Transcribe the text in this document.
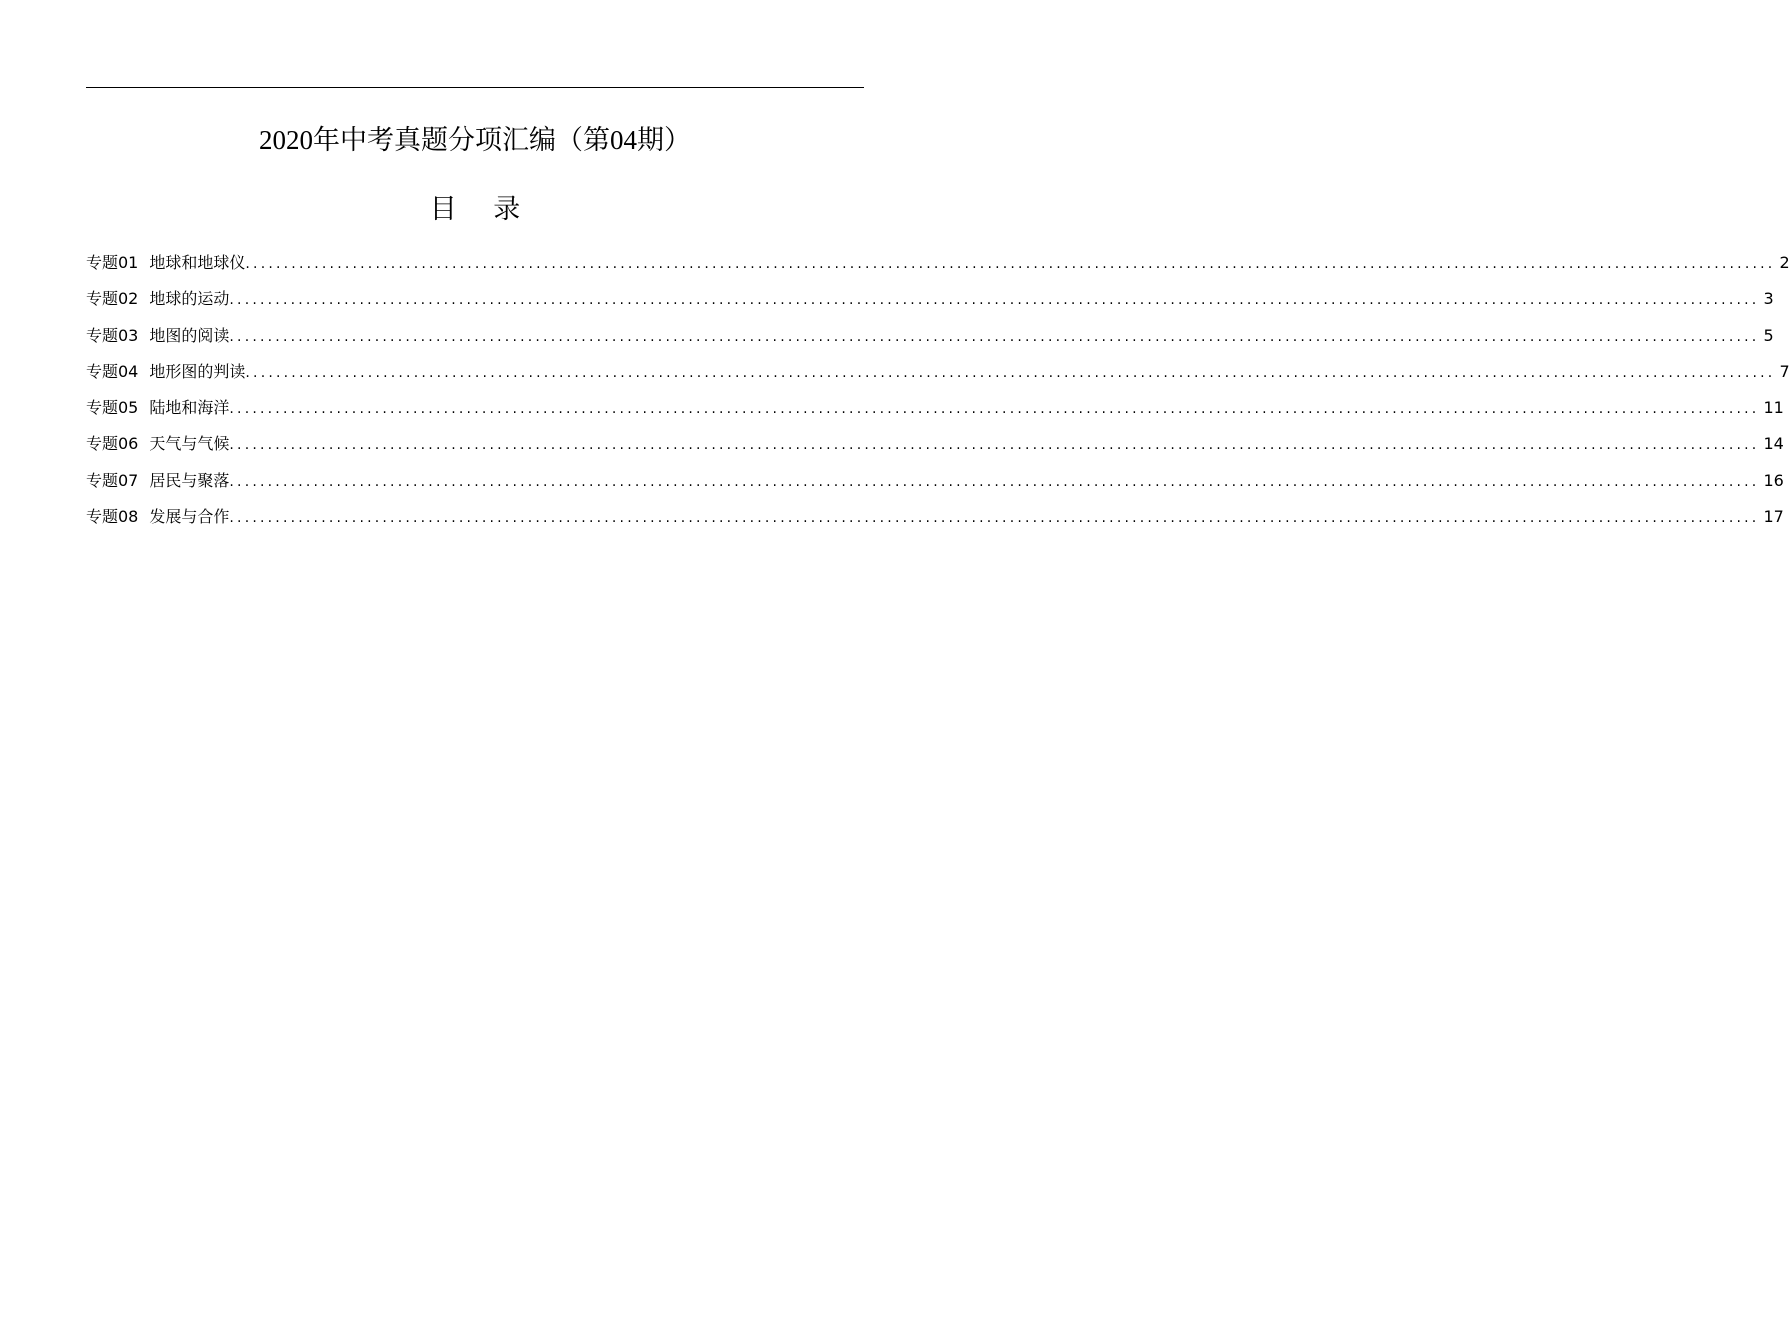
2020年中考真题分项汇编（第04期）
目 录
专题01 地球和地球仪 ........................................................................................................................................................................................................ 2
专题02 地球的运动 ........................................................................................................................................................................................................ 3
专题03 地图的阅读 ........................................................................................................................................................................................................ 5
专题04 地形图的判读 ........................................................................................................................................................................................................ 7
专题05 陆地和海洋 ........................................................................................................................................................................................................ 11
专题06 天气与气候 ........................................................................................................................................................................................................ 14
专题07 居民与聚落 ........................................................................................................................................................................................................ 16
专题08 发展与合作 ........................................................................................................................................................................................................ 17
